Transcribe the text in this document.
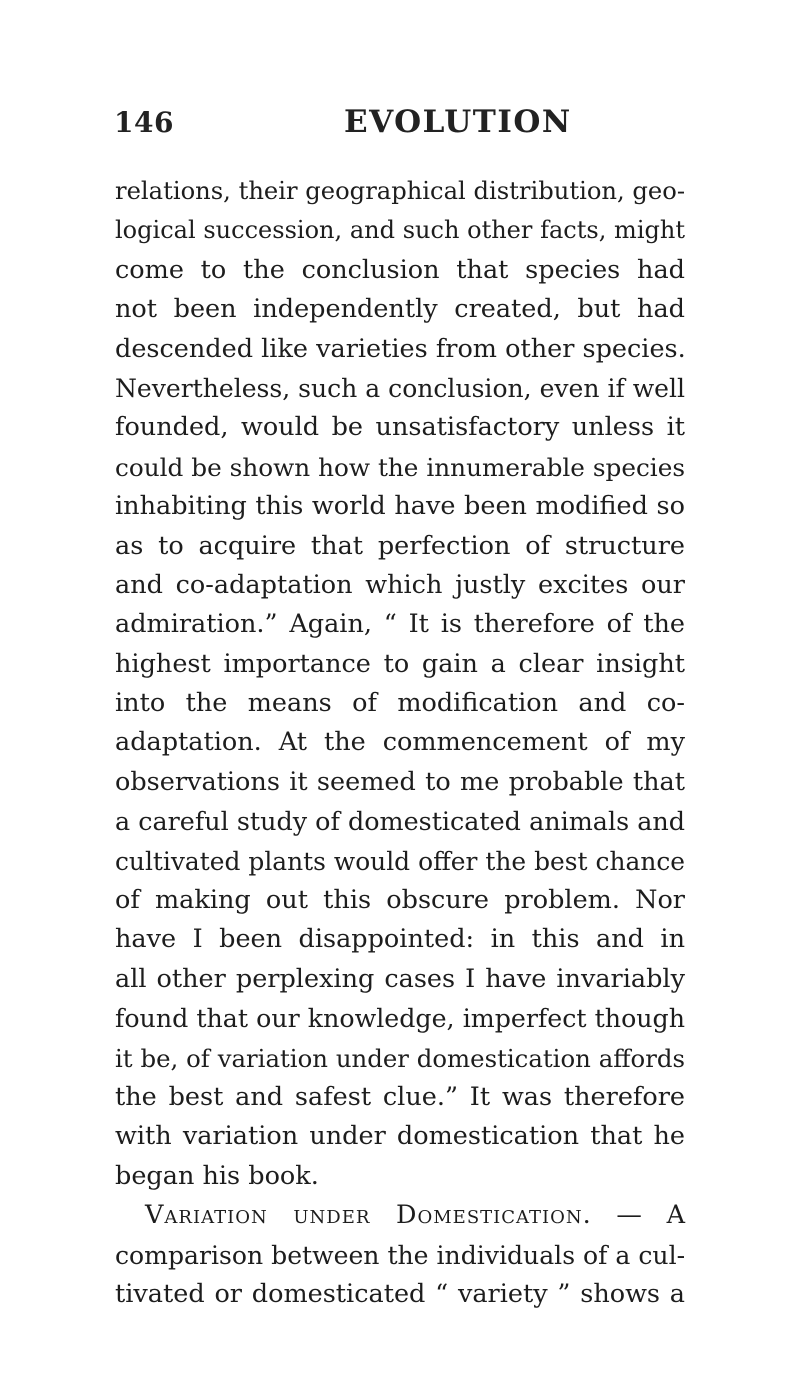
146	EVOLUTION
relations, their geographical distribution, geo-
logical succession, and such other facts, might
come to the conclusion that species had
not been independently created, but had
descended like varieties from other species.
Nevertheless, such a conclusion, even if well
founded, would be unsatisfactory unless it
could be shown how the innumerable species
inhabiting this world have been modified so
as to acquire that perfection of structure
and co-adaptation which justly excites our
admiration.” Again, “ It is therefore of the
highest importance to gain a clear insight
into the means of modification and co-
adaptation. At the commencement of my
observations it seemed to me probable that
a careful study of domesticated animals and
cultivated plants would offer the best chance
of making out this obscure problem. Nor
have I been disappointed: in this and in
all other perplexing cases I have invariably
found that our knowledge, imperfect though
it be, of variation under domestication affords
the best and safest clue.” It was therefore
with variation under domestication that he
began his book.
Variation under Domestication. — A
comparison between the individuals of a cul-
tivated or domesticated “ variety ” shows a
